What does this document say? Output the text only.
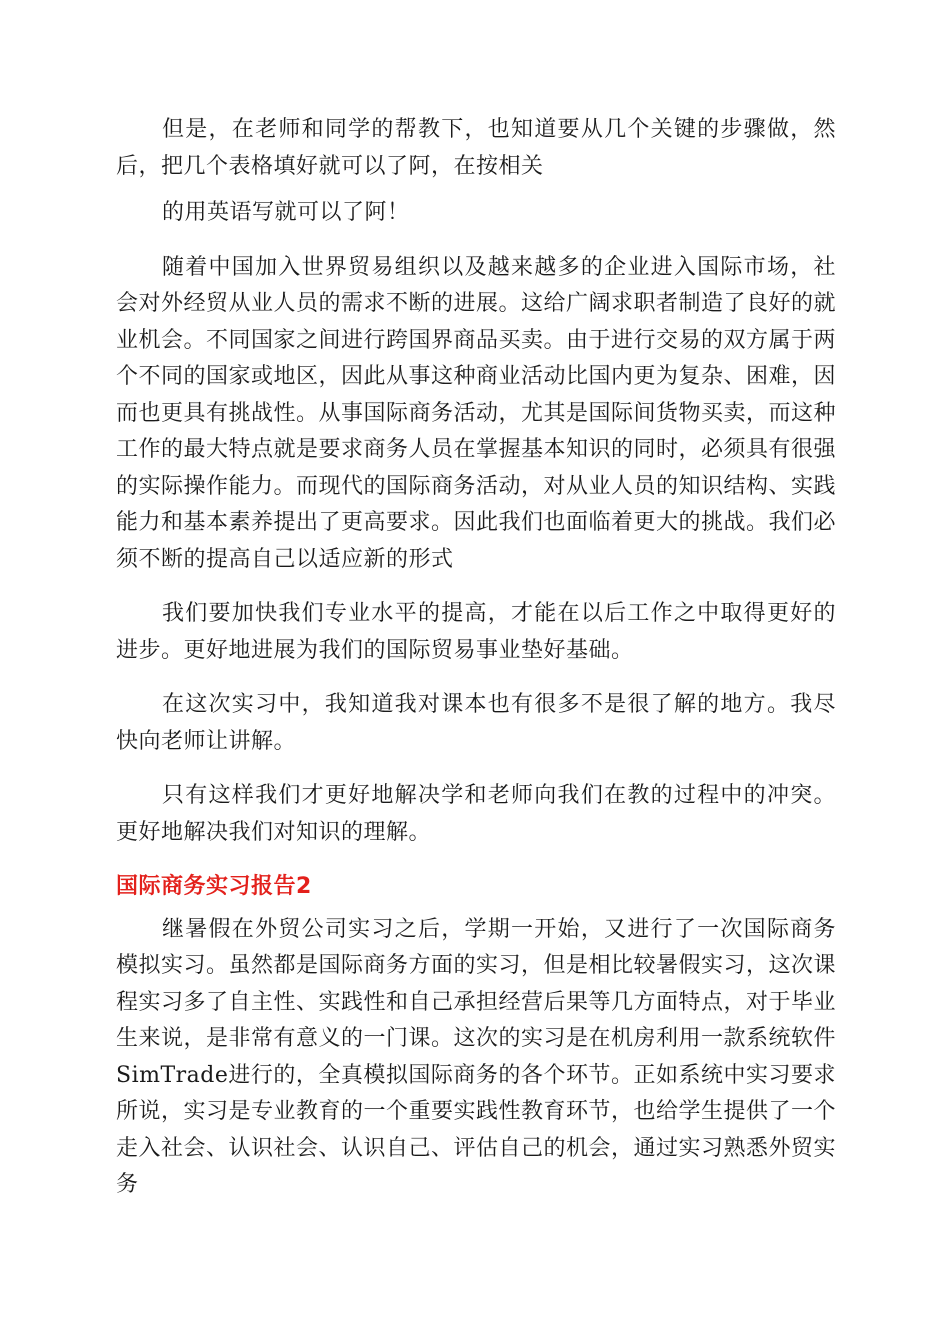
但是，在老师和同学的帮教下，也知道要从几个关键的步骤做，然后，把几个表格填好就可以了阿，在按相关

的用英语写就可以了阿！

随着中国加入世界贸易组织以及越来越多的企业进入国际市场，社会对外经贸从业人员的需求不断的进展。这给广阔求职者制造了良好的就业机会。不同国家之间进行跨国界商品买卖。由于进行交易的双方属于两个不同的国家或地区，因此从事这种商业活动比国内更为复杂、困难，因而也更具有挑战性。从事国际商务活动，尤其是国际间货物买卖，而这种工作的最大特点就是要求商务人员在掌握基本知识的同时，必须具有很强的实际操作能力。而现代的国际商务活动，对从业人员的知识结构、实践能力和基本素养提出了更高要求。因此我们也面临着更大的挑战。我们必须不断的提高自己以适应新的形式

我们要加快我们专业水平的提高，才能在以后工作之中取得更好的进步。更好地进展为我们的国际贸易事业垫好基础。

在这次实习中，我知道我对课本也有很多不是很了解的地方。我尽快向老师让讲解。

只有这样我们才更好地解决学和老师向我们在教的过程中的冲突。更好地解决我们对知识的理解。

国际商务实习报告2

继暑假在外贸公司实习之后，学期一开始，又进行了一次国际商务模拟实习。虽然都是国际商务方面的实习，但是相比较暑假实习，这次课程实习多了自主性、实践性和自己承担经营后果等几方面特点，对于毕业生来说，是非常有意义的一门课。这次的实习是在机房利用一款系统软件SimTrade进行的，全真模拟国际商务的各个环节。正如系统中实习要求所说，实习是专业教育的一个重要实践性教育环节，也给学生提供了一个走入社会、认识社会、认识自己、评估自己的机会，通过实习熟悉外贸实务
